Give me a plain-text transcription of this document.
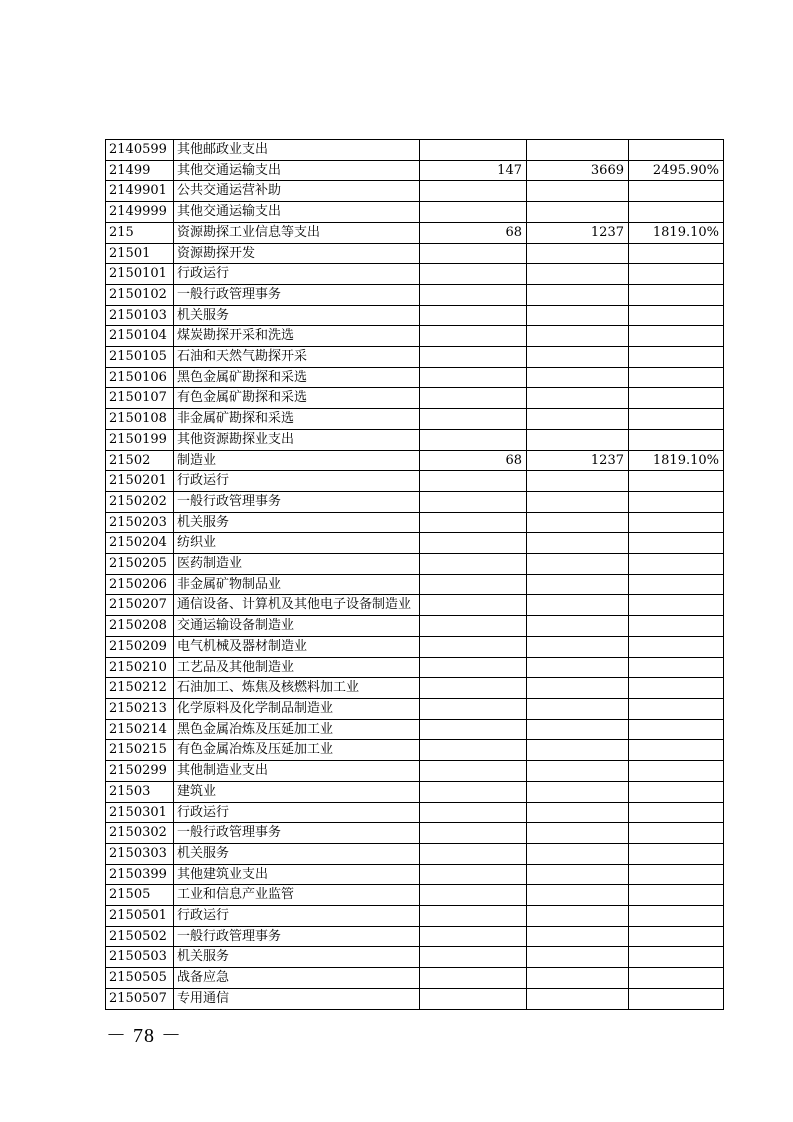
2140599	其他邮政业支出			
21499	其他交通运输支出	147	3669	2495.90%
2149901	公共交通运营补助			
2149999	其他交通运输支出			
215	资源勘探工业信息等支出	68	1237	1819.10%
21501	资源勘探开发			
2150101	行政运行			
2150102	一般行政管理事务			
2150103	机关服务			
2150104	煤炭勘探开采和洗选			
2150105	石油和天然气勘探开采			
2150106	黑色金属矿勘探和采选			
2150107	有色金属矿勘探和采选			
2150108	非金属矿勘探和采选			
2150199	其他资源勘探业支出			
21502	制造业	68	1237	1819.10%
2150201	行政运行			
2150202	一般行政管理事务			
2150203	机关服务			
2150204	纺织业			
2150205	医药制造业			
2150206	非金属矿物制品业			
2150207	通信设备、计算机及其他电子设备制造业			
2150208	交通运输设备制造业			
2150209	电气机械及器材制造业			
2150210	工艺品及其他制造业			
2150212	石油加工、炼焦及核燃料加工业			
2150213	化学原料及化学制品制造业			
2150214	黑色金属冶炼及压延加工业			
2150215	有色金属冶炼及压延加工业			
2150299	其他制造业支出			
21503	建筑业			
2150301	行政运行			
2150302	一般行政管理事务			
2150303	机关服务			
2150399	其他建筑业支出			
21505	工业和信息产业监管			
2150501	行政运行			
2150502	一般行政管理事务			
2150503	机关服务			
2150505	战备应急			
2150507	专用通信			
－ 78 －
